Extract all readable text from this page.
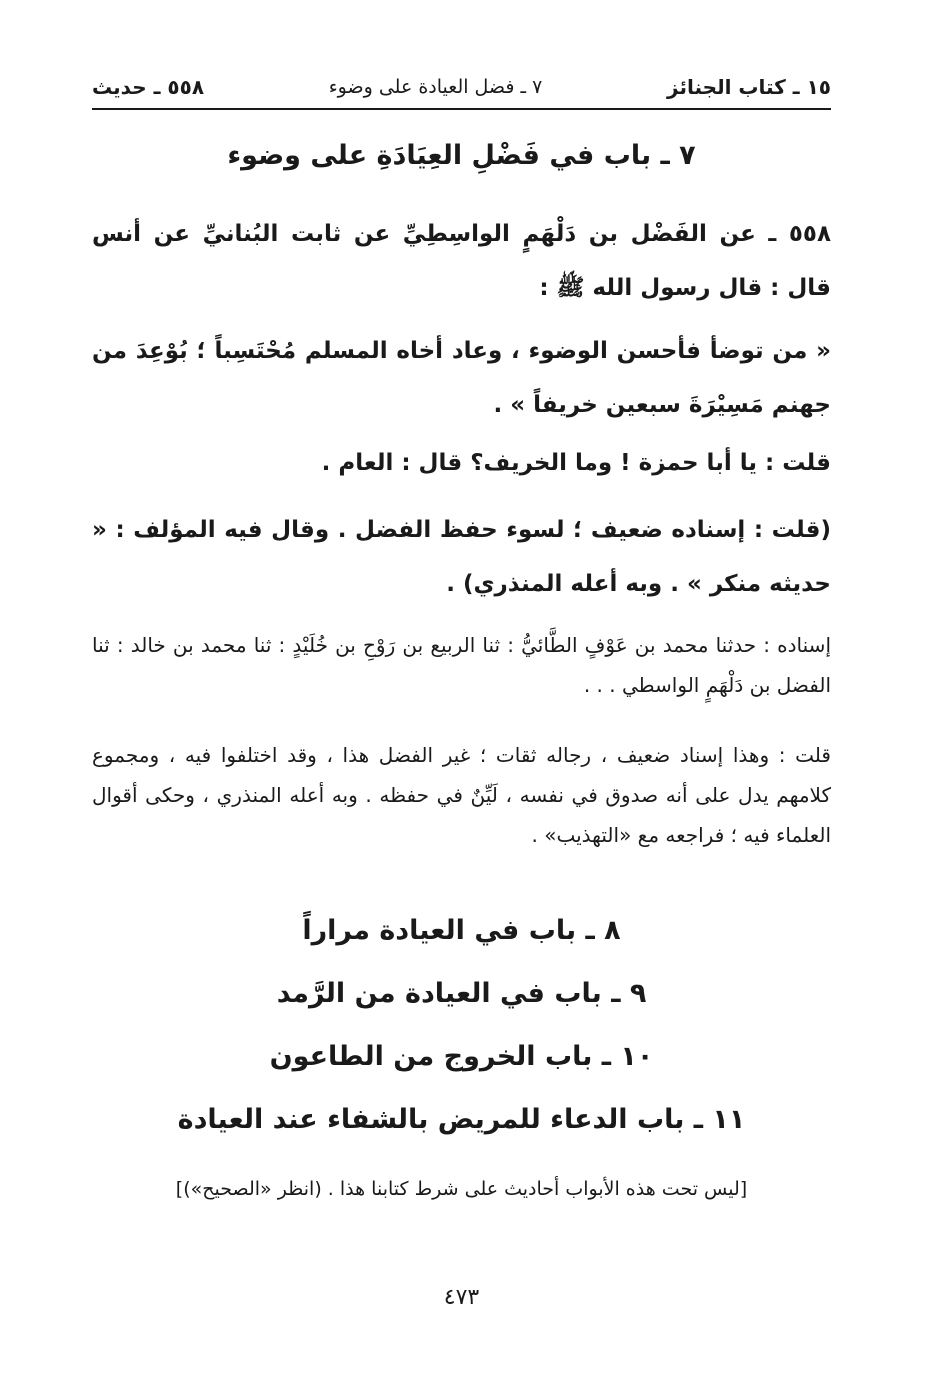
١٥ ـ كتاب الجنائز
٧ ـ فضل العيادة على وضوء
٥٥٨ ـ حديث
٧ ـ باب في فَضْلِ العِيَادَةِ على وضوء
٥٥٨ ـ عن الفَضْل بن دَلْهَمٍ الواسِطِيِّ عن ثابت البُنانيِّ عن أنس قال : قال رسول الله ﷺ :
« من توضأ فأحسن الوضوء ، وعاد أخاه المسلم مُحْتَسِباً ؛ بُوْعِدَ من جهنم مَسِيْرَةَ سبعين خريفاً » .
قلت : يا أبا حمزة ! وما الخريف؟ قال : العام .
(قلت : إسناده ضعيف ؛ لسوء حفظ الفضل . وقال فيه المؤلف : « حديثه منكر » . وبه أعله المنذري) .
إسناده : حدثنا محمد بن عَوْفٍ الطَّائيُّ : ثنا الربيع بن رَوْحِ بن خُلَيْدٍ : ثنا محمد بن خالد : ثنا الفضل بن دَلْهَمٍ الواسطي . . .
قلت : وهذا إسناد ضعيف ، رجاله ثقات ؛ غير الفضل هذا ، وقد اختلفوا فيه ، ومجموع كلامهم يدل على أنه صدوق في نفسه ، لَيِّنٌ في حفظه . وبه أعله المنذري ، وحكى أقوال العلماء فيه ؛ فراجعه مع «التهذيب» .
٨ ـ باب في العيادة مراراً
٩ ـ باب في العيادة من الرَّمد
١٠ ـ باب الخروج من الطاعون
١١ ـ باب الدعاء للمريض بالشفاء عند العيادة
[ليس تحت هذه الأبواب أحاديث على شرط كتابنا هذا . (انظر «الصحيح»)]
٤٧٣
